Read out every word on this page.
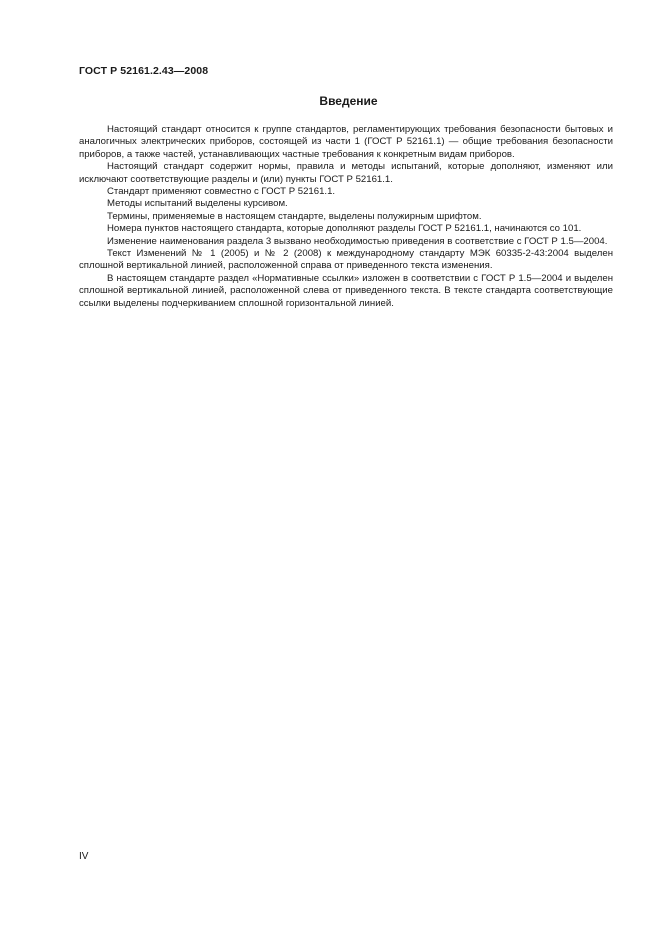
ГОСТ Р 52161.2.43—2008
Введение

Настоящий стандарт относится к группе стандартов, регламентирующих требования безопасности бытовых и аналогичных электрических приборов, состоящей из части 1 (ГОСТ Р 52161.1) — общие требования безопасности приборов, а также частей, устанавливающих частные требования к конкретным видам приборов.

Настоящий стандарт содержит нормы, правила и методы испытаний, которые дополняют, изменяют или исключают соответствующие разделы и (или) пункты ГОСТ Р 52161.1.

Стандарт применяют совместно с ГОСТ Р 52161.1.

Методы испытаний выделены курсивом.

Термины, применяемые в настоящем стандарте, выделены полужирным шрифтом.

Номера пунктов настоящего стандарта, которые дополняют разделы ГОСТ Р 52161.1, начинаются со 101.

Изменение наименования раздела 3 вызвано необходимостью приведения в соответствие с ГОСТ Р 1.5—2004.

Текст Изменений № 1 (2005) и № 2 (2008) к международному стандарту МЭК 60335-2-43:2004 выделен сплошной вертикальной линией, расположенной справа от приведенного текста изменения.

В настоящем стандарте раздел «Нормативные ссылки» изложен в соответствии с ГОСТ Р 1.5—2004 и выделен сплошной вертикальной линией, расположенной слева от приведенного текста. В тексте стандарта соответствующие ссылки выделены подчеркиванием сплошной горизонтальной линией.

IV
